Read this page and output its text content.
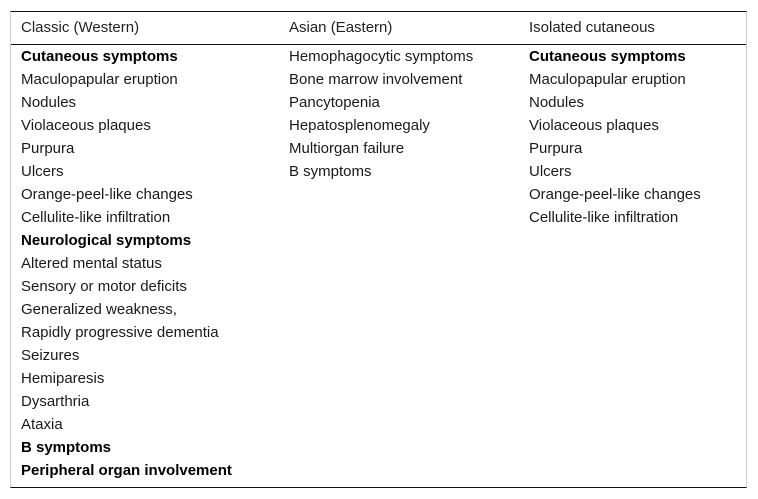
Classic (Western)	Asian (Eastern)	Isolated cutaneous
Cutaneous symptoms
Maculopapular eruption
Nodules
Violaceous plaques
Purpura
Ulcers
Orange-peel-like changes
Cellulite-like infiltration
Neurological symptoms
Altered mental status
Sensory or motor deficits
Generalized weakness,
Rapidly progressive dementia
Seizures
Hemiparesis
Dysarthria
Ataxia
B symptoms
Peripheral organ involvement
Hemophagocytic symptoms
Bone marrow involvement
Pancytopenia
Hepatosplenomegaly
Multiorgan failure
B symptoms
Cutaneous symptoms
Maculopapular eruption
Nodules
Violaceous plaques
Purpura
Ulcers
Orange-peel-like changes
Cellulite-like infiltration
